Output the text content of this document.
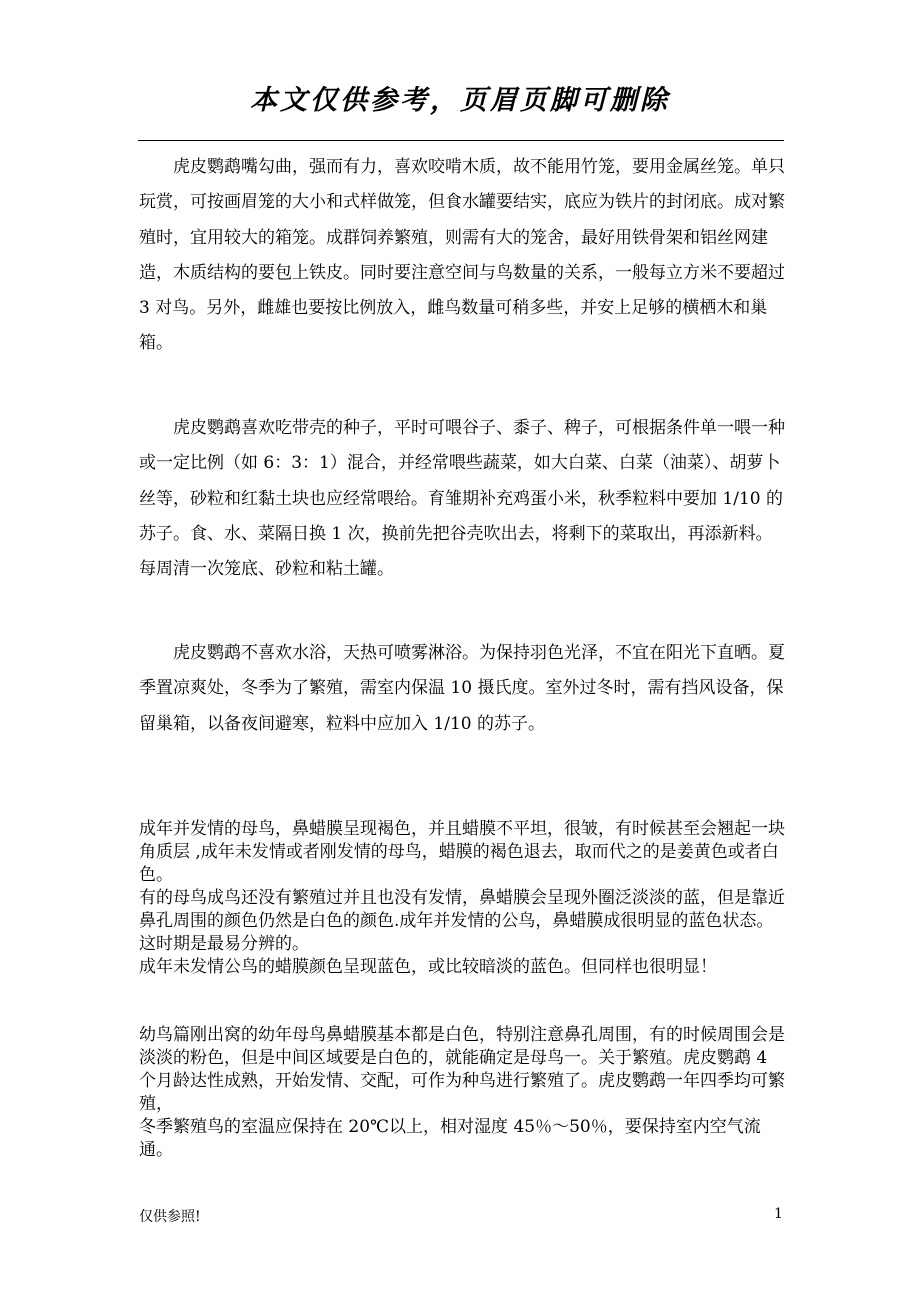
本文仅供参考，页眉页脚可删除

虎皮鹦鹉嘴勾曲，强而有力，喜欢咬啃木质，故不能用竹笼，要用金属丝笼。单只玩赏，可按画眉笼的大小和式样做笼，但食水罐要结实，底应为铁片的封闭底。成对繁殖时，宜用较大的箱笼。成群饲养繁殖，则需有大的笼舍，最好用铁骨架和铝丝网建造，木质结构的要包上铁皮。同时要注意空间与鸟数量的关系，一般每立方米不要超过 3 对鸟。另外，雌雄也要按比例放入，雌鸟数量可稍多些，并安上足够的横栖木和巢箱。

虎皮鹦鹉喜欢吃带壳的种子，平时可喂谷子、黍子、稗子，可根据条件单一喂一种或一定比例（如 6：3：1）混合，并经常喂些蔬菜，如大白菜、白菜（油菜）、胡萝卜丝等，砂粒和红黏土块也应经常喂给。育雏期补充鸡蛋小米，秋季粒料中要加 1/10 的苏子。食、水、菜隔日换 1 次，换前先把谷壳吹出去，将剩下的菜取出，再添新料。每周清一次笼底、砂粒和粘土罐。

虎皮鹦鹉不喜欢水浴，天热可喷雾淋浴。为保持羽色光泽，不宜在阳光下直晒。夏季置凉爽处，冬季为了繁殖，需室内保温 10 摄氏度。室外过冬时，需有挡风设备，保留巢箱，以备夜间避寒，粒料中应加入 1/10 的苏子。

成年并发情的母鸟，鼻蜡膜呈现褐色，并且蜡膜不平坦，很皱，有时候甚至会翘起一块角质层 ,成年未发情或者刚发情的母鸟，蜡膜的褐色退去，取而代之的是姜黄色或者白色。
有的母鸟成鸟还没有繁殖过并且也没有发情，鼻蜡膜会呈现外圈泛淡淡的蓝，但是靠近鼻孔周围的颜色仍然是白色的颜色.成年并发情的公鸟，鼻蜡膜成很明显的蓝色状态。这时期是最易分辨的。
成年未发情公鸟的蜡膜颜色呈现蓝色，或比较暗淡的蓝色。但同样也很明显！
幼鸟篇刚出窝的幼年母鸟鼻蜡膜基本都是白色，特别注意鼻孔周围，有的时候周围会是淡淡的粉色，但是中间区域要是白色的，就能确定是母鸟一。关于繁殖。虎皮鹦鹉 4 个月龄达性成熟，开始发情、交配，可作为种鸟进行繁殖了。虎皮鹦鹉一年四季均可繁殖，
冬季繁殖鸟的室温应保持在 20℃以上，相对湿度 45％～50％，要保持室内空气流通。
仅供参照!	1
